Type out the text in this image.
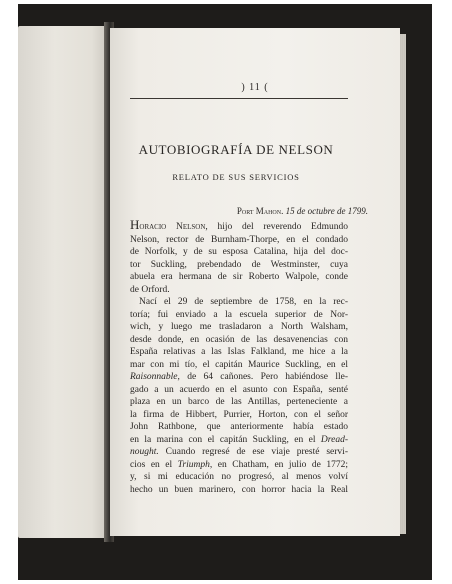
) 11 (
AUTOBIOGRAFÍA DE NELSON
RELATO DE SUS SERVICIOS
Port Mahon. 15 de octubre de 1799.
Horacio Nelson, hijo del reverendo Edmundo
Nelson, rector de Burnham-Thorpe, en el condado
de Norfolk, y de su esposa Catalina, hija del doc-
tor Suckling, prebendado de Westminster, cuya
abuela era hermana de sir Roberto Walpole, conde
de Orford.
Nací el 29 de septiembre de 1758, en la rec-
toría; fui enviado a la escuela superior de Nor-
wich, y luego me trasladaron a North Walsham,
desde donde, en ocasión de las desavenencias con
España relativas a las Islas Falkland, me hice a la
mar con mi tío, el capitán Maurice Suckling, en el
Raisonnable, de 64 cañones. Pero habiéndose lle-
gado a un acuerdo en el asunto con España, senté
plaza en un barco de las Antillas, perteneciente a
la firma de Hibbert, Purrier, Horton, con el señor
John Rathbone, que anteriormente había estado
en la marina con el capitán Suckling, en el Dread-
nought. Cuando regresé de ese viaje presté servi-
cios en el Triumph, en Chatham, en julio de 1772;
y, si mi educación no progresó, al menos volví
hecho un buen marinero, con horror hacia la Real
